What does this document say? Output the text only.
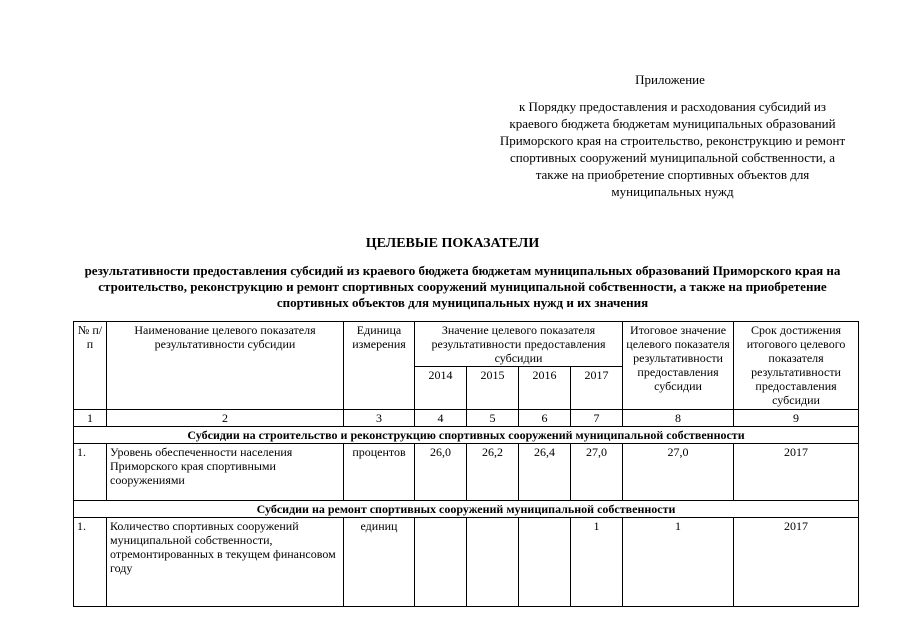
Приложение
к Порядку предоставления и расходования субсидий из краевого бюджета бюджетам муниципальных образований Приморского края на строительство, реконструкцию и ремонт спортивных сооружений муниципальной собственности, а также на приобретение спортивных объектов для муниципальных нужд
ЦЕЛЕВЫЕ ПОКАЗАТЕЛИ
результативности предоставления субсидий из краевого бюджета бюджетам муниципальных образований Приморского края на строительство, реконструкцию и ремонт спортивных сооружений муниципальной собственности, а также на приобретение спортивных объектов для муниципальных нужд и их значения
№ п/п	Наименование целевого показателя результативности субсидии	Единица измерения	Значение целевого показателя результативности предоставления субсидии				Итоговое значение целевого показателя результативности предоставления субсидии	Срок достижения итогового целевого показателя результативности предоставления субсидии
			2014	2015	2016	2017		
1	2	3	4	5	6	7	8	9
Субсидии на строительство и реконструкцию спортивных сооружений муниципальной собственности								
1.	Уровень обеспеченности населения Приморского края спортивными сооружениями	процентов	26,0	26,2	26,4	27,0	27,0	2017
Субсидии на ремонт спортивных сооружений муниципальной собственности								
1.	Количество спортивных сооружений муниципальной собственности, отремонтированных в текущем финансовом году	единиц				1	1	2017
